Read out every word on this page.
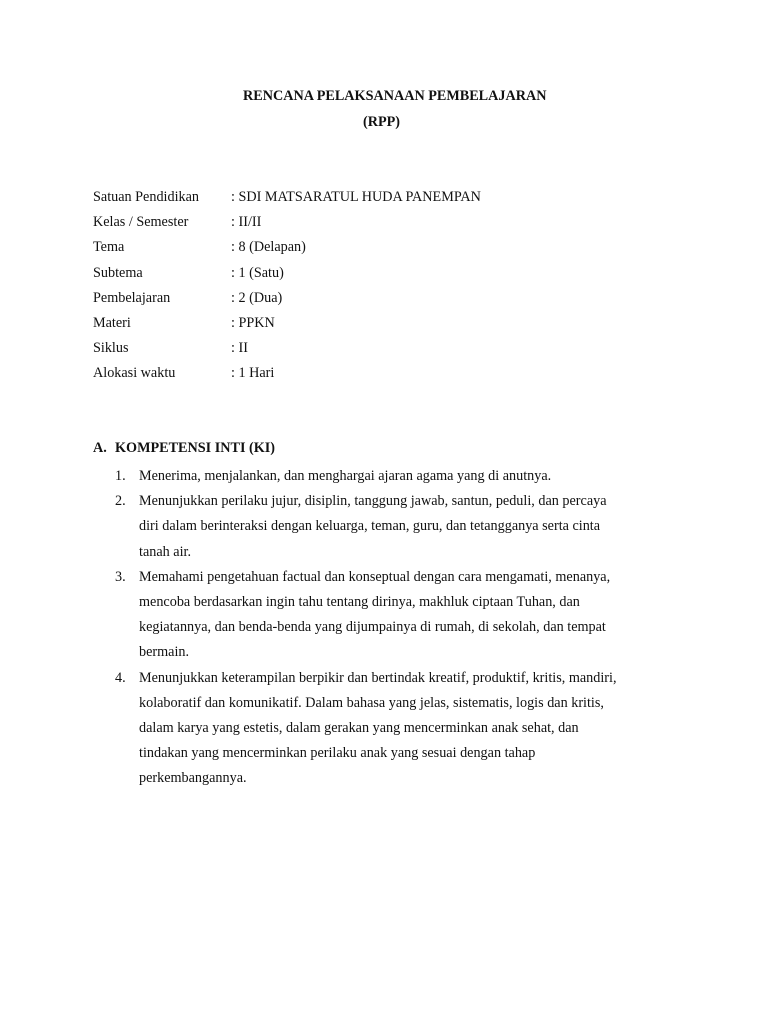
RENCANA PELAKSANAAN PEMBELAJARAN
(RPP)
Satuan Pendidikan : SDI MATSARATUL HUDA PANEMPAN
Kelas / Semester	: II/II
Tema	: 8 (Delapan)
Subtema	: 1 (Satu)
Pembelajaran	: 2 (Dua)
Materi	: PPKN
Siklus	: II
Alokasi waktu	: 1 Hari
A. KOMPETENSI INTI (KI)
1. Menerima, menjalankan, dan menghargai ajaran agama yang di anutnya.
2. Menunjukkan perilaku jujur, disiplin, tanggung jawab, santun, peduli, dan percaya
diri dalam berinteraksi dengan keluarga, teman, guru, dan tetangganya serta cinta
tanah air.
3. Memahami pengetahuan factual dan konseptual dengan cara mengamati, menanya,
mencoba berdasarkan ingin tahu tentang dirinya, makhluk ciptaan Tuhan, dan
kegiatannya, dan benda-benda yang dijumpainya di rumah, di sekolah, dan tempat
bermain.
4. Menunjukkan keterampilan berpikir dan bertindak kreatif, produktif, kritis, mandiri,
kolaboratif dan komunikatif. Dalam bahasa yang jelas, sistematis, logis dan kritis,
dalam karya yang estetis, dalam gerakan yang mencerminkan anak sehat, dan
tindakan yang mencerminkan perilaku anak yang sesuai dengan tahap
perkembangannya.
